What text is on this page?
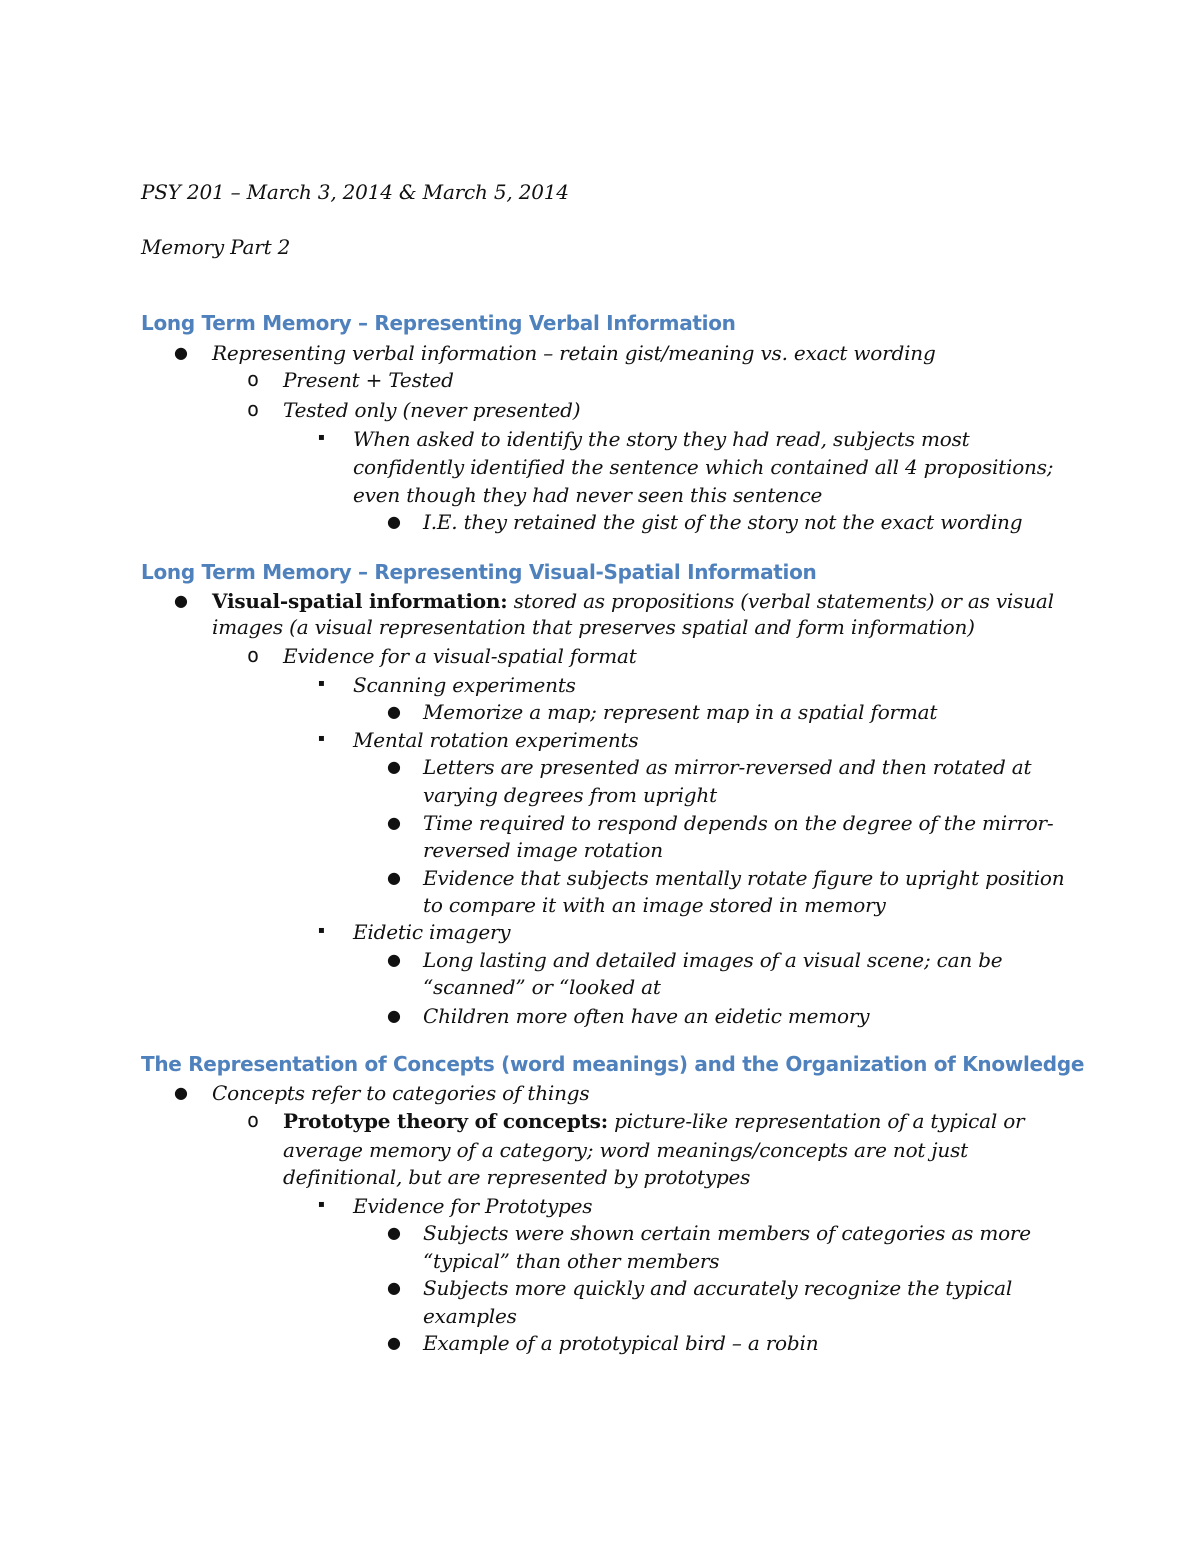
PSY 201 – March 3, 2014 & March 5, 2014
Memory Part 2
Long Term Memory – Representing Verbal Information
● Representing verbal information – retain gist/meaning vs. exact wording
o Present + Tested
o Tested only (never presented)
▪ When asked to identify the story they had read, subjects most
confidently identified the sentence which contained all 4 propositions;
even though they had never seen this sentence
● I.E. they retained the gist of the story not the exact wording
Long Term Memory – Representing Visual-Spatial Information
● Visual-spatial information: stored as propositions (verbal statements) or as visual
images (a visual representation that preserves spatial and form information)
o Evidence for a visual-spatial format
▪ Scanning experiments
● Memorize a map; represent map in a spatial format
▪ Mental rotation experiments
● Letters are presented as mirror-reversed and then rotated at
varying degrees from upright
● Time required to respond depends on the degree of the mirror-
reversed image rotation
● Evidence that subjects mentally rotate figure to upright position
to compare it with an image stored in memory
▪ Eidetic imagery
● Long lasting and detailed images of a visual scene; can be
“scanned” or “looked at
● Children more often have an eidetic memory
The Representation of Concepts (word meanings) and the Organization of Knowledge
● Concepts refer to categories of things
o Prototype theory of concepts: picture-like representation of a typical or
average memory of a category; word meanings/concepts are not just
definitional, but are represented by prototypes
▪ Evidence for Prototypes
● Subjects were shown certain members of categories as more
“typical” than other members
● Subjects more quickly and accurately recognize the typical
examples
● Example of a prototypical bird – a robin
